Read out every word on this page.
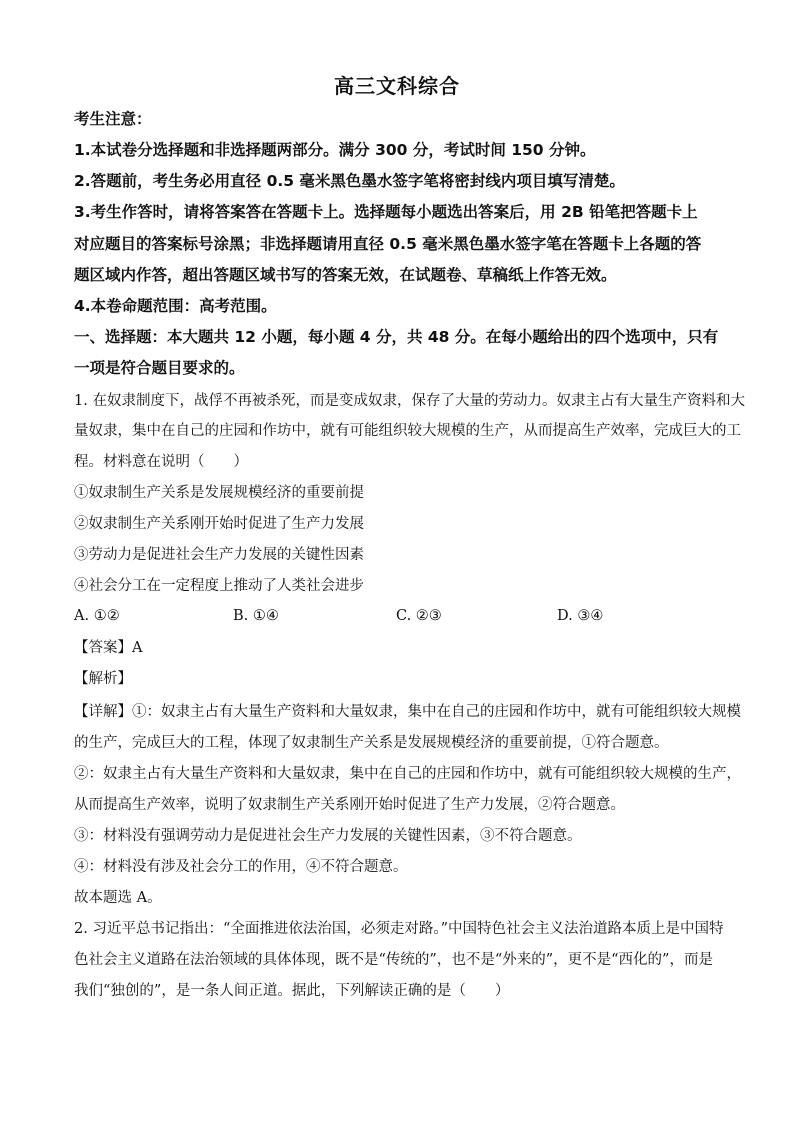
高三文科综合
考生注意：
1.本试卷分选择题和非选择题两部分。满分 300 分，考试时间 150 分钟。
2.答题前，考生务必用直径 0.5 毫米黑色墨水签字笔将密封线内项目填写清楚。
3.考生作答时，请将答案答在答题卡上。选择题每小题选出答案后，用 2B 铅笔把答题卡上
对应题目的答案标号涂黑；非选择题请用直径 0.5 毫米黑色墨水签字笔在答题卡上各题的答
题区域内作答，超出答题区域书写的答案无效，在试题卷、草稿纸上作答无效。
4.本卷命题范围：高考范围。
一、选择题：本大题共 12 小题，每小题 4 分，共 48 分。在每小题给出的四个选项中，只有
一项是符合题目要求的。
1. 在奴隶制度下，战俘不再被杀死，而是变成奴隶，保存了大量的劳动力。奴隶主占有大量生产资料和大
量奴隶，集中在自己的庄园和作坊中，就有可能组织较大规模的生产，从而提高生产效率，完成巨大的工
程。材料意在说明（　　）
①奴隶制生产关系是发展规模经济的重要前提
②奴隶制生产关系刚开始时促进了生产力发展
③劳动力是促进社会生产力发展的关键性因素
④社会分工在一定程度上推动了人类社会进步
A. ①②	B. ①④	C. ②③	D. ③④
【答案】A
【解析】
【详解】①：奴隶主占有大量生产资料和大量奴隶，集中在自己的庄园和作坊中，就有可能组织较大规模
的生产，完成巨大的工程，体现了奴隶制生产关系是发展规模经济的重要前提，①符合题意。
②：奴隶主占有大量生产资料和大量奴隶，集中在自己的庄园和作坊中，就有可能组织较大规模的生产，
从而提高生产效率，说明了奴隶制生产关系刚开始时促进了生产力发展，②符合题意。
③：材料没有强调劳动力是促进社会生产力发展的关键性因素，③不符合题意。
④：材料没有涉及社会分工的作用，④不符合题意。
故本题选 A。
2. 习近平总书记指出：“全面推进依法治国，必须走对路。”中国特色社会主义法治道路本质上是中国特
色社会主义道路在法治领域的具体体现，既不是“传统的”，也不是“外来的”，更不是“西化的”，而是
我们“独创的”，是一条人间正道。据此，下列解读正确的是（　　）
